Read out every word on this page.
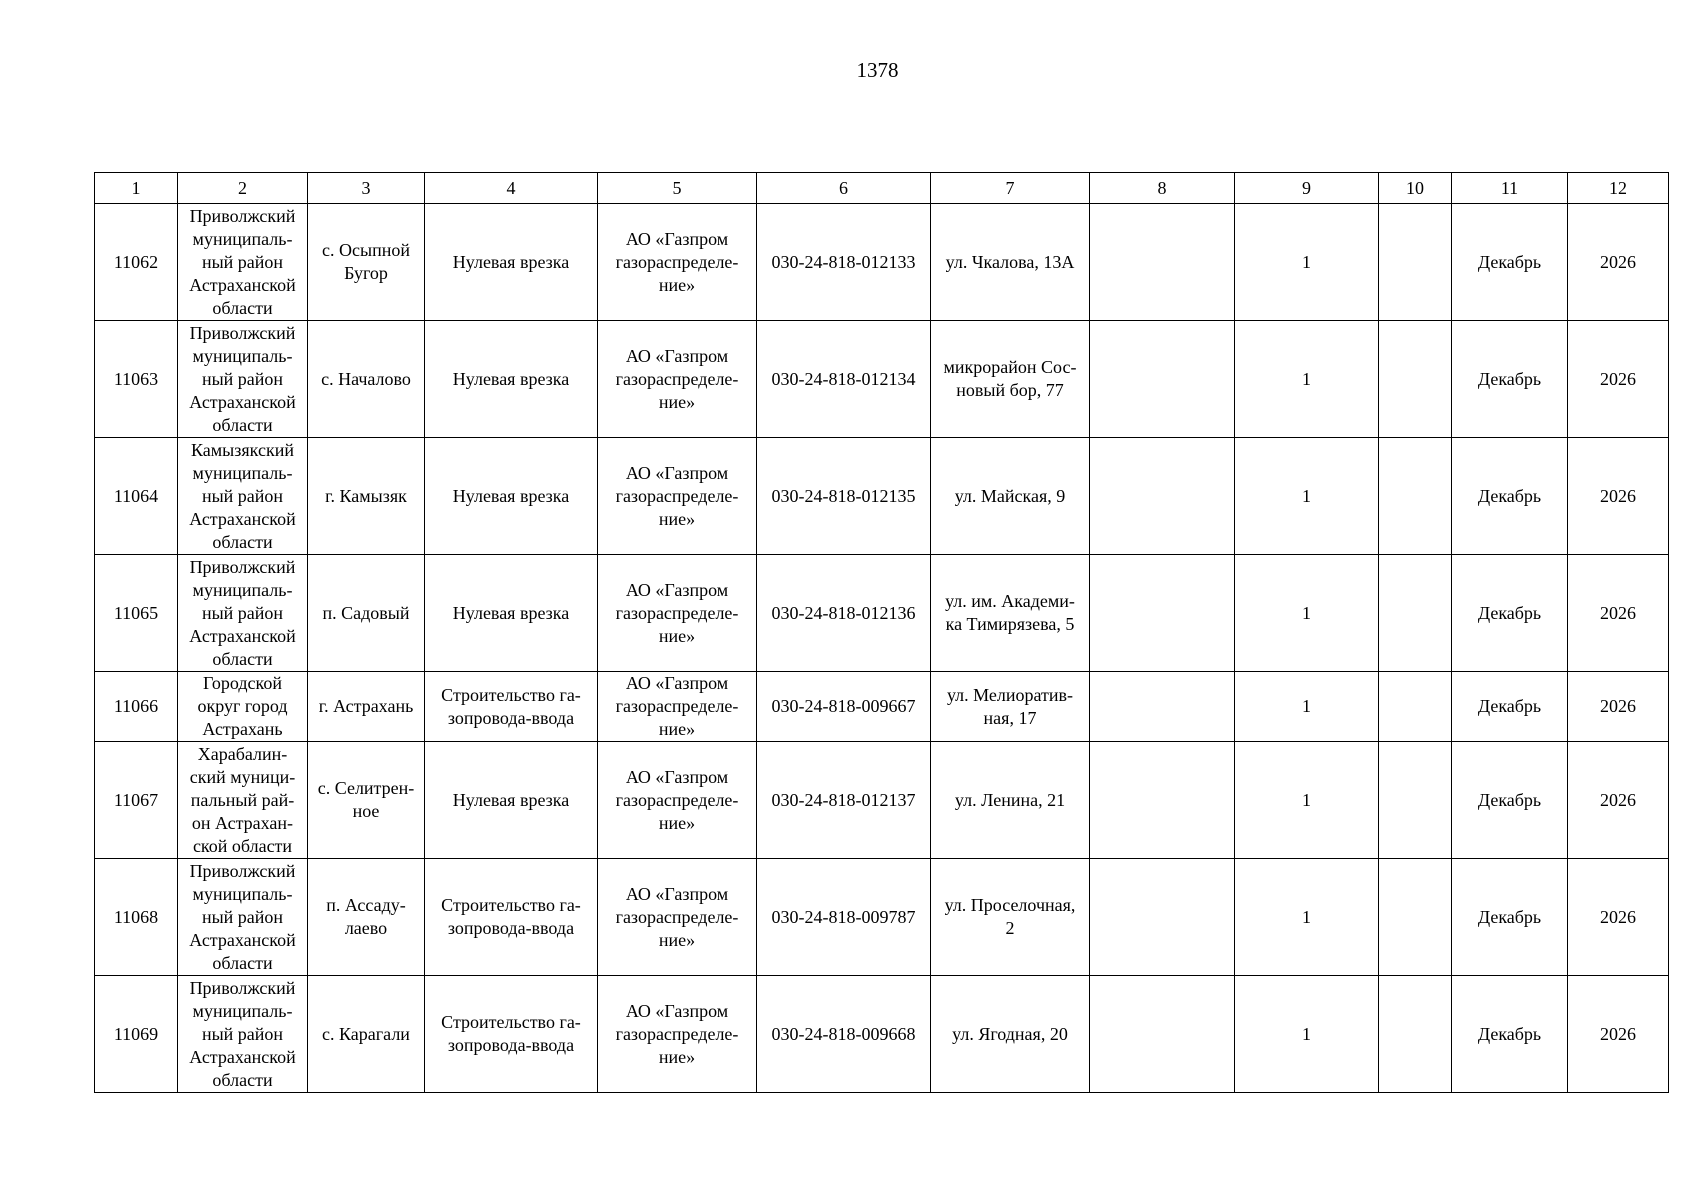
1378
1	2	3	4	5	6	7	8	9	10	11	12
11062	Приволжский
муниципаль-
ный район
Астраханской
области	с. Осыпной
Бугор	Нулевая врезка	АО «Газпром
газораспределе-
ние»	030-24-818-012133	ул. Чкалова, 13А		1		Декабрь	2026
11063	Приволжский
муниципаль-
ный район
Астраханской
области	с. Началово	Нулевая врезка	АО «Газпром
газораспределе-
ние»	030-24-818-012134	микрорайон Сос-
новый бор, 77		1		Декабрь	2026
11064	Камызякский
муниципаль-
ный район
Астраханской
области	г. Камызяк	Нулевая врезка	АО «Газпром
газораспределе-
ние»	030-24-818-012135	ул. Майская, 9		1		Декабрь	2026
11065	Приволжский
муниципаль-
ный район
Астраханской
области	п. Садовый	Нулевая врезка	АО «Газпром
газораспределе-
ние»	030-24-818-012136	ул. им. Академи-
ка Тимирязева, 5		1		Декабрь	2026
11066	Городской
округ город
Астрахань	г. Астрахань	Строительство га-
зопровода-ввода	АО «Газпром
газораспределе-
ние»	030-24-818-009667	ул. Мелиоратив-
ная, 17		1		Декабрь	2026
11067	Харабалин-
ский муници-
пальный рай-
он Астрахан-
ской области	с. Селитрен-
ное	Нулевая врезка	АО «Газпром
газораспределе-
ние»	030-24-818-012137	ул. Ленина, 21		1		Декабрь	2026
11068	Приволжский
муниципаль-
ный район
Астраханской
области	п. Ассаду-
лаево	Строительство га-
зопровода-ввода	АО «Газпром
газораспределе-
ние»	030-24-818-009787	ул. Проселочная,
2		1		Декабрь	2026
11069	Приволжский
муниципаль-
ный район
Астраханской
области	с. Карагали	Строительство га-
зопровода-ввода	АО «Газпром
газораспределе-
ние»	030-24-818-009668	ул. Ягодная, 20		1		Декабрь	2026
